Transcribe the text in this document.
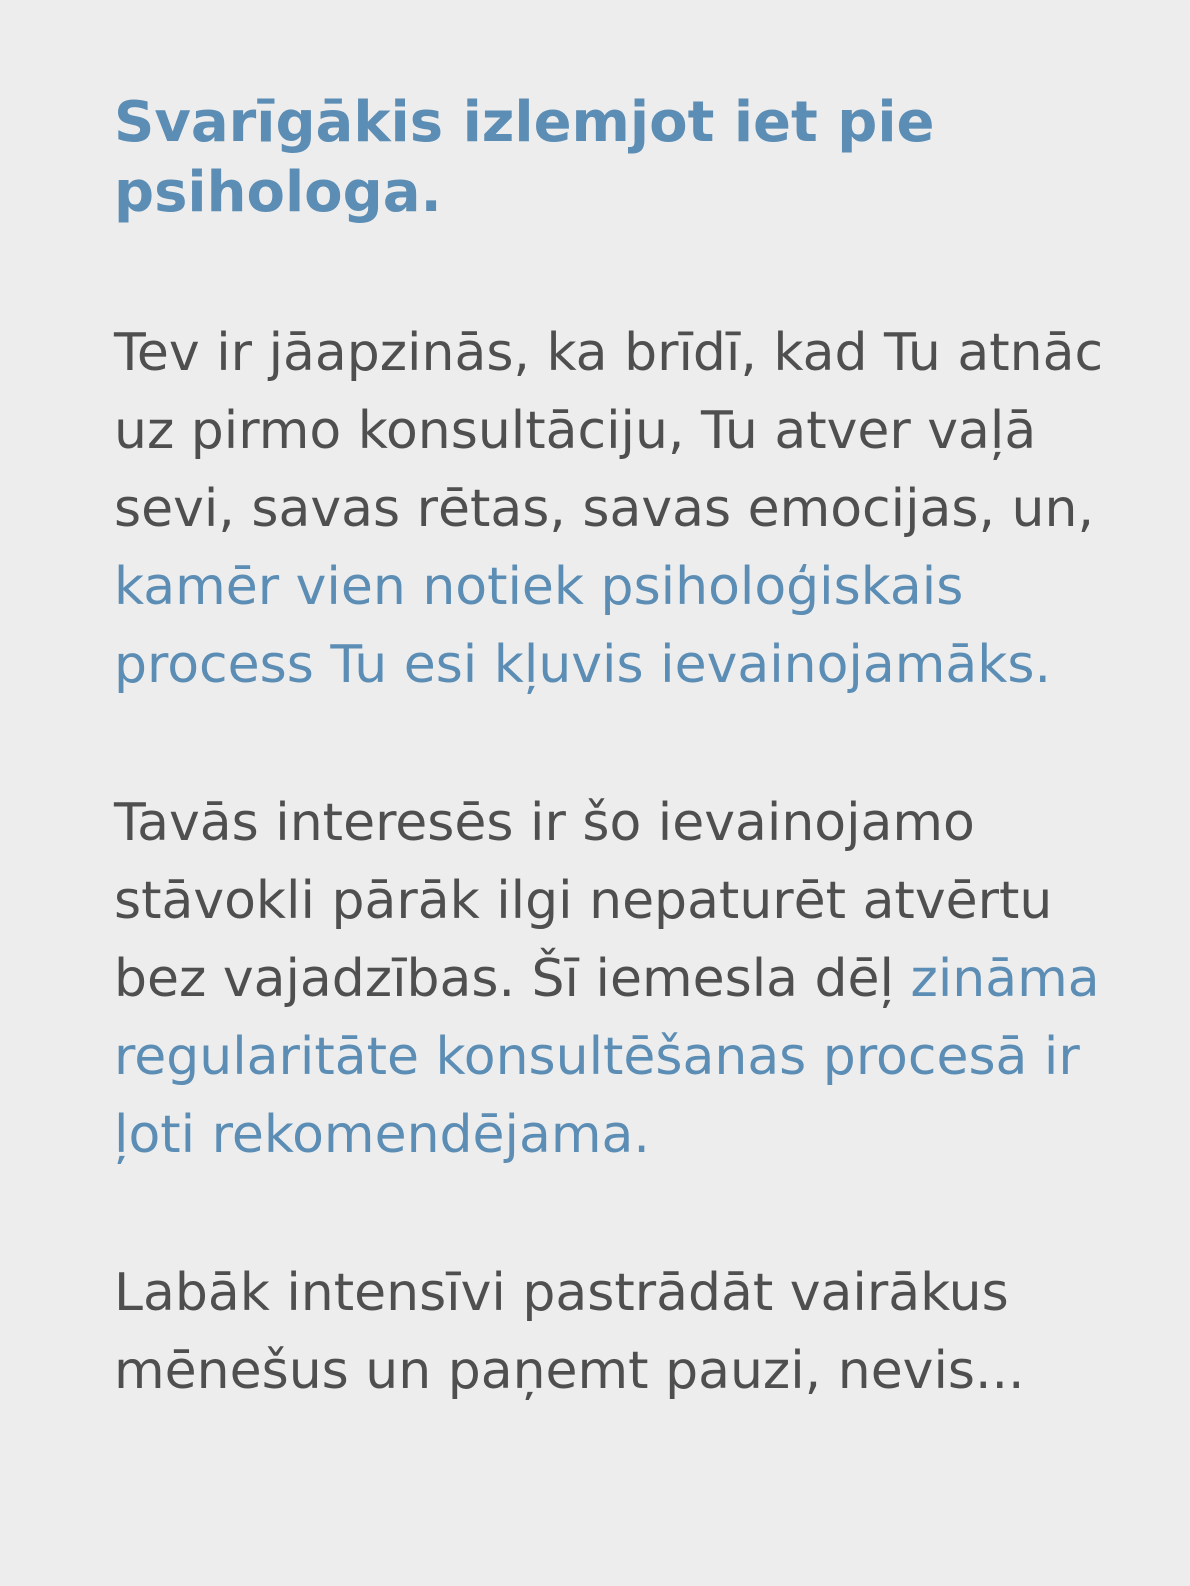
Svarīgākis izlemjot iet pie psihologa.

Tev ir jāapzinās, ka brīdī, kad Tu atnāc uz pirmo konsultāciju, Tu atver vaļā sevi, savas rētas, savas emocijas, un, kamēr vien notiek psiholoģiskais process Tu esi kļuvis ievainojamāks.

Tavās interesēs ir šo ievainojamo stāvokli pārāk ilgi nepaturēt atvērtu bez vajadzības. Šī iemesla dēļ zināma regularitāte konsultēšanas procesā ir ļoti rekomendējama.

Labāk intensīvi pastrādāt vairākus mēnešus un paņemt pauzi, nevis...
